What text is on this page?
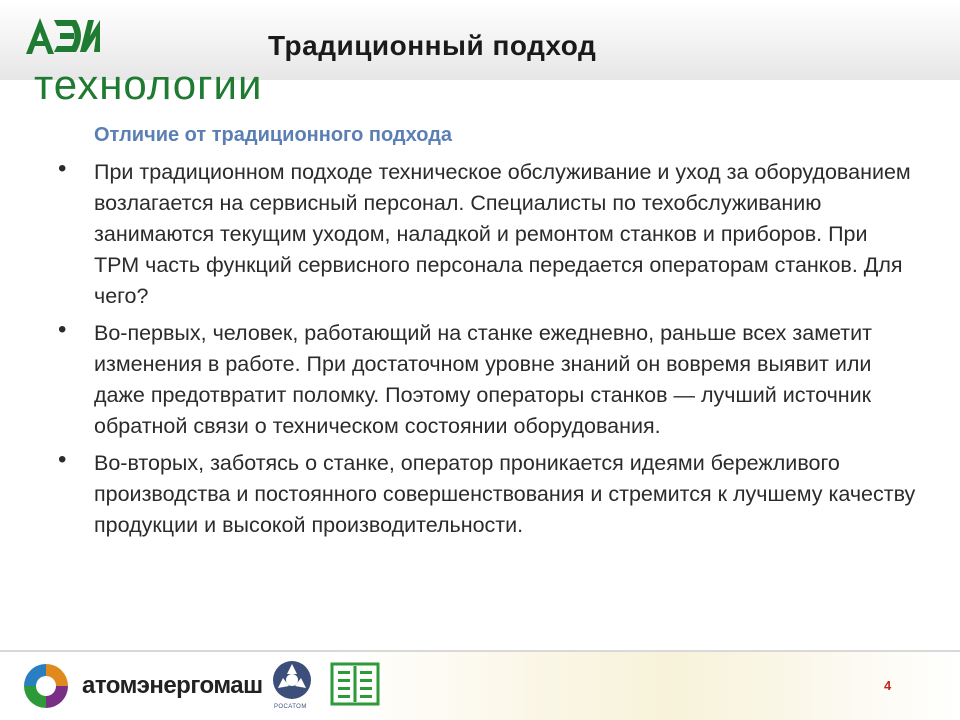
Традиционный подход
технологии
Отличие от традиционного подхода
• При традиционном подходе техническое обслуживание и уход за оборудованием возлагается на сервисный персонал. Специалисты по техобслуживанию занимаются текущим уходом, наладкой и ремонтом станков и приборов. При ТРМ часть функций сервисного персонала передается операторам станков. Для чего?
• Во-первых, человек, работающий на станке ежедневно, раньше всех заметит изменения в работе. При достаточном уровне знаний он вовремя выявит или даже предотвратит поломку. Поэтому операторы станков — лучший источник обратной связи о техническом состоянии оборудования.
• Во-вторых, заботясь о станке, оператор проникается идеями бережливого производства и постоянного совершенствования и стремится к лучшему качеству продукции и высокой производительности.
атомэнергомаш
РОСАТОМ
4
